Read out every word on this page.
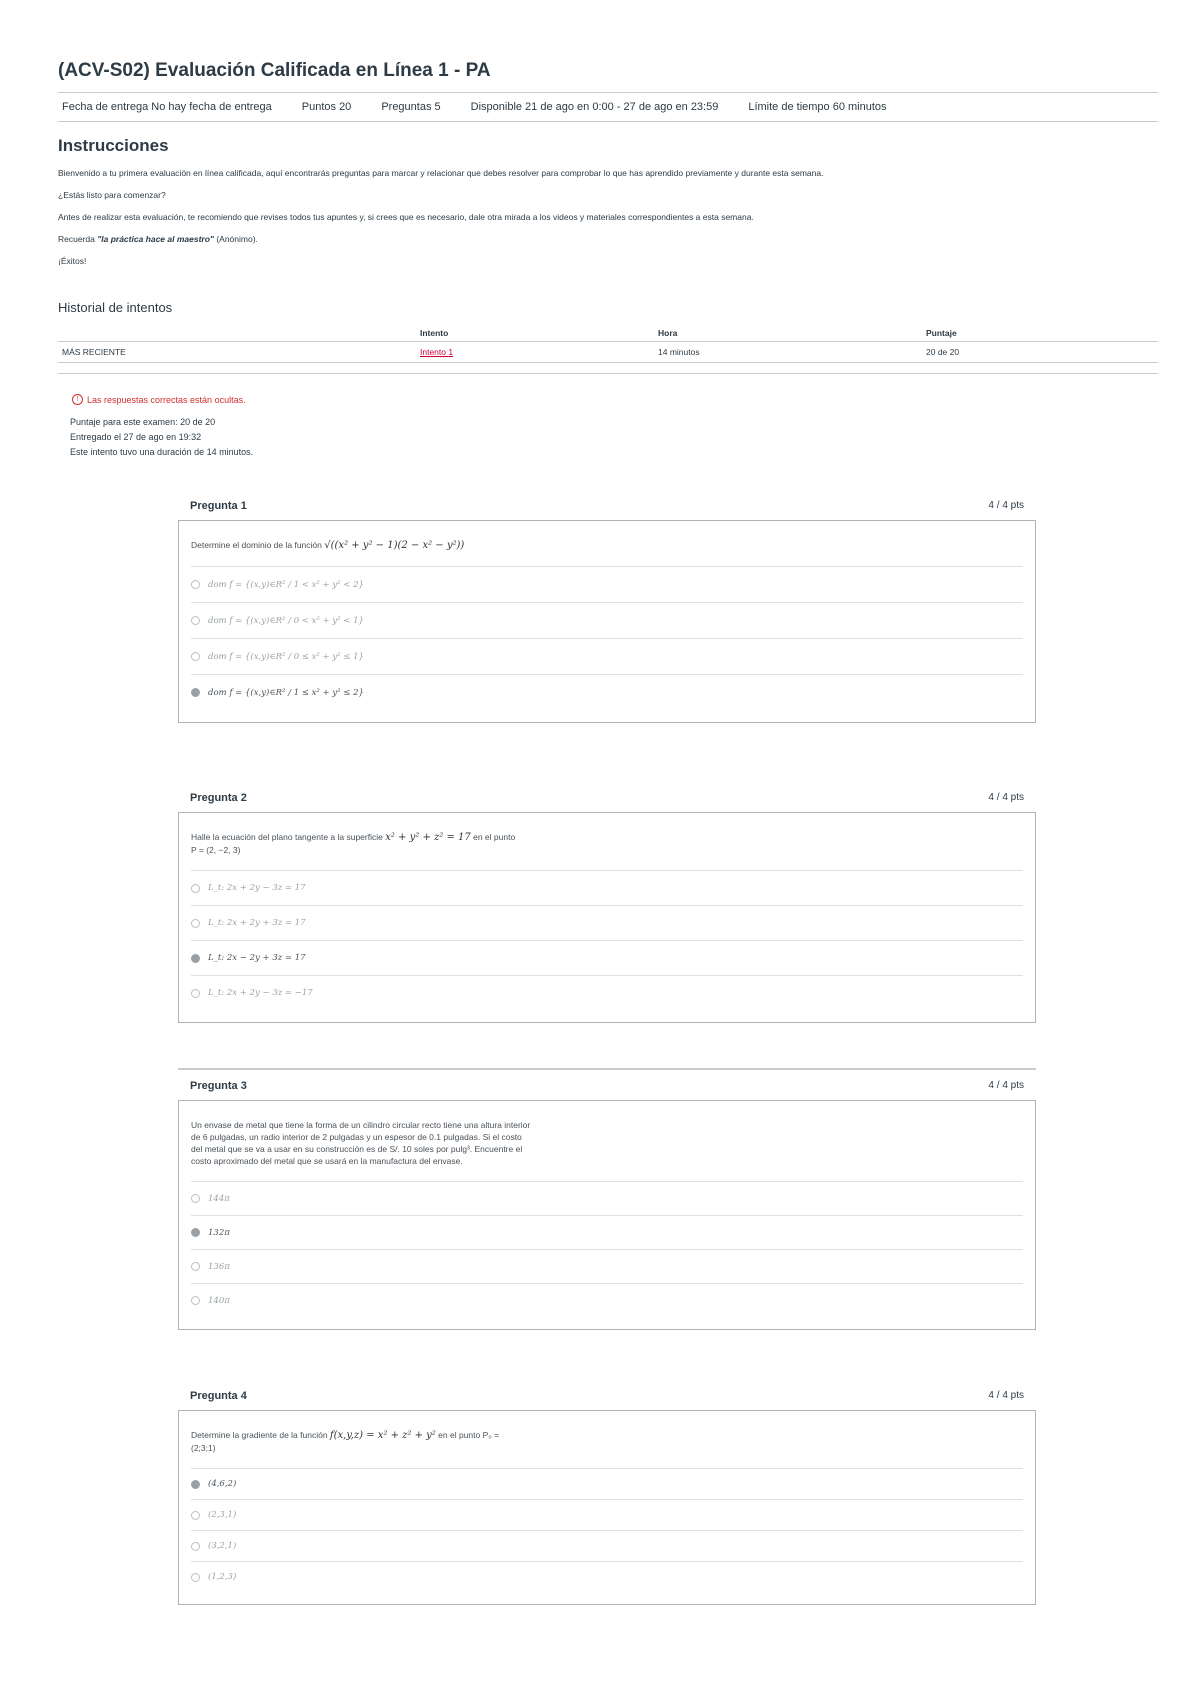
(ACV-S02) Evaluación Calificada en Línea 1 - PA
Fecha de entrega No hay fecha de entrega	Puntos 20	Preguntas 5	Disponible 21 de ago en 0:00 - 27 de ago en 23:59	Límite de tiempo 60 minutos
Instrucciones

Bienvenido a tu primera evaluación en línea calificada, aquí encontrarás preguntas para marcar y relacionar que debes resolver para comprobar lo que has aprendido previamente y durante esta semana.

¿Estás listo para comenzar?

Antes de realizar esta evaluación, te recomiendo que revises todos tus apuntes y, si crees que es necesario, dale otra mirada a los videos y materiales correspondientes a esta semana.

Recuerda "la práctica hace al maestro" (Anónimo).

¡Éxitos!

Historial de intentos
	Intento	Hora	Puntaje
MÁS RECIENTE	Intento 1	14 minutos	20 de 20
! Las respuestas correctas están ocultas.
Puntaje para este examen: 20 de 20
Entregado el 27 de ago en 19:32
Este intento tuvo una duración de 14 minutos.
Pregunta 1	4 / 4 pts
Determine el dominio de la función √((x² + y² − 1)(2 − x² − y²))
dom f = {(x,y)∈R² / 1 < x² + y² < 2}
dom f = {(x,y)∈R² / 0 < x² + y² < 1}
dom f = {(x,y)∈R² / 0 ≤ x² + y² ≤ 1}
dom f = {(x,y)∈R² / 1 ≤ x² + y² ≤ 2}
Pregunta 2	4 / 4 pts
Halle la ecuación del plano tangente a la superficie x² + y² + z² = 17 en el punto P = (2, −2, 3)
L_t: 2x + 2y − 3z = 17
L_t: 2x + 2y + 3z = 17
L_t: 2x − 2y + 3z = 17
L_t: 2x + 2y − 3z = −17
Pregunta 3	4 / 4 pts
Un envase de metal que tiene la forma de un cilindro circular recto tiene una altura interior de 6 pulgadas, un radio interior de 2 pulgadas y un espesor de 0.1 pulgadas. Si el costo del metal que se va a usar en su construcción es de S/. 10 soles por pulg³. Encuentre el costo aproximado del metal que se usará en la manufactura del envase.
144π
132π
136π
140π
Pregunta 4	4 / 4 pts
Determine la gradiente de la función f(x,y,z) = x² + z² + y² en el punto P₀ = (2;3;1)
(4,6,2)
(2,3,1)
(3,2,1)
(1,2,3)
